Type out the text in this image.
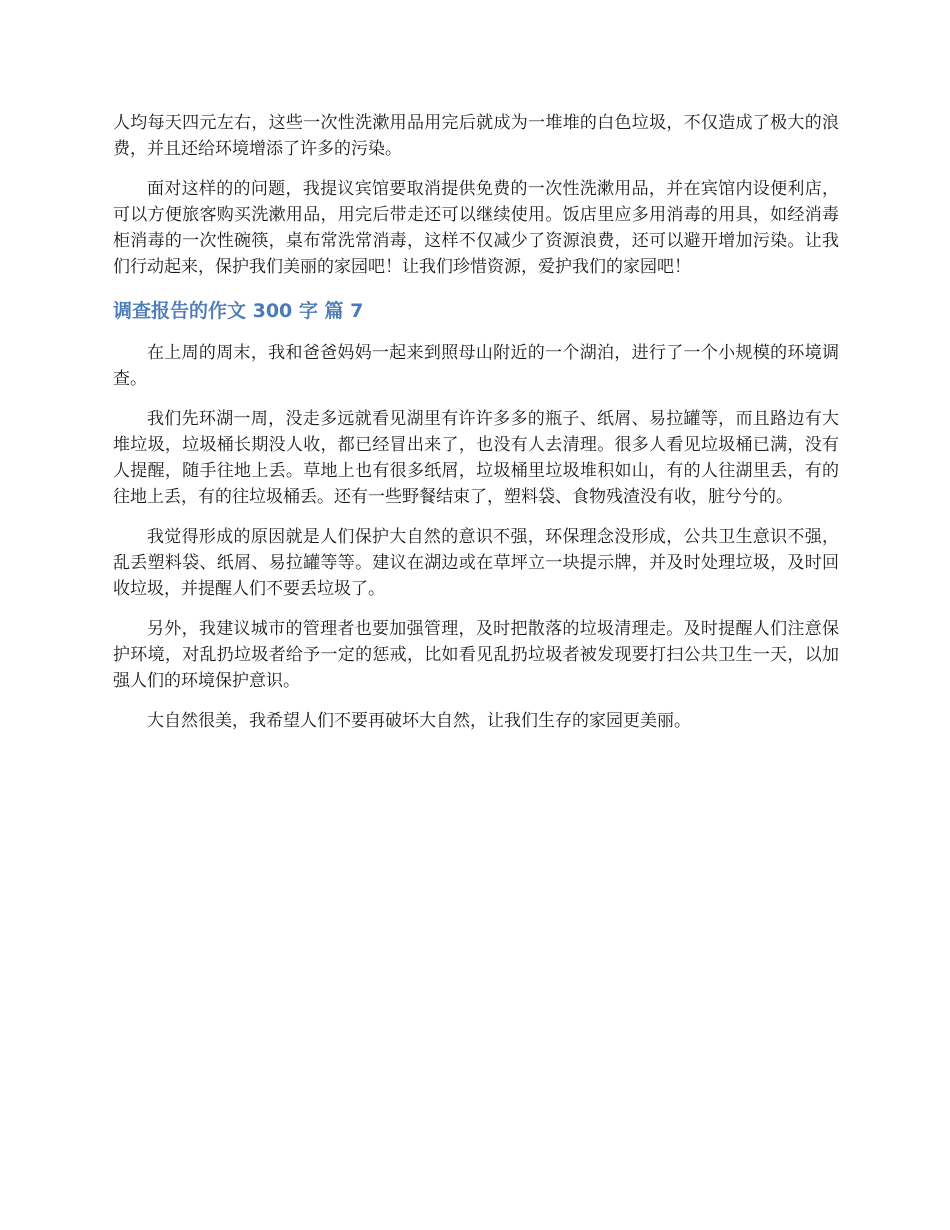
人均每天四元左右，这些一次性洗漱用品用完后就成为一堆堆的白色垃圾，不仅造成了极大的浪费，并且还给环境增添了许多的污染。

面对这样的的问题，我提议宾馆要取消提供免费的一次性洗漱用品，并在宾馆内设便利店，可以方便旅客购买洗漱用品，用完后带走还可以继续使用。饭店里应多用消毒的用具，如经消毒柜消毒的一次性碗筷，桌布常洗常消毒，这样不仅减少了资源浪费，还可以避开增加污染。让我们行动起来，保护我们美丽的家园吧！让我们珍惜资源，爱护我们的家园吧！

调查报告的作文 300 字 篇 7

在上周的周末，我和爸爸妈妈一起来到照母山附近的一个湖泊，进行了一个小规模的环境调查。

我们先环湖一周，没走多远就看见湖里有许许多多的瓶子、纸屑、易拉罐等，而且路边有大堆垃圾，垃圾桶长期没人收，都已经冒出来了，也没有人去清理。很多人看见垃圾桶已满，没有人提醒，随手往地上丢。草地上也有很多纸屑，垃圾桶里垃圾堆积如山，有的人往湖里丢，有的往地上丢，有的往垃圾桶丢。还有一些野餐结束了，塑料袋、食物残渣没有收，脏兮兮的。

我觉得形成的原因就是人们保护大自然的意识不强，环保理念没形成，公共卫生意识不强，乱丢塑料袋、纸屑、易拉罐等等。建议在湖边或在草坪立一块提示牌，并及时处理垃圾，及时回收垃圾，并提醒人们不要丢垃圾了。

另外，我建议城市的管理者也要加强管理，及时把散落的垃圾清理走。及时提醒人们注意保护环境，对乱扔垃圾者给予一定的惩戒，比如看见乱扔垃圾者被发现要打扫公共卫生一天，以加强人们的环境保护意识。

大自然很美，我希望人们不要再破坏大自然，让我们生存的家园更美丽。
